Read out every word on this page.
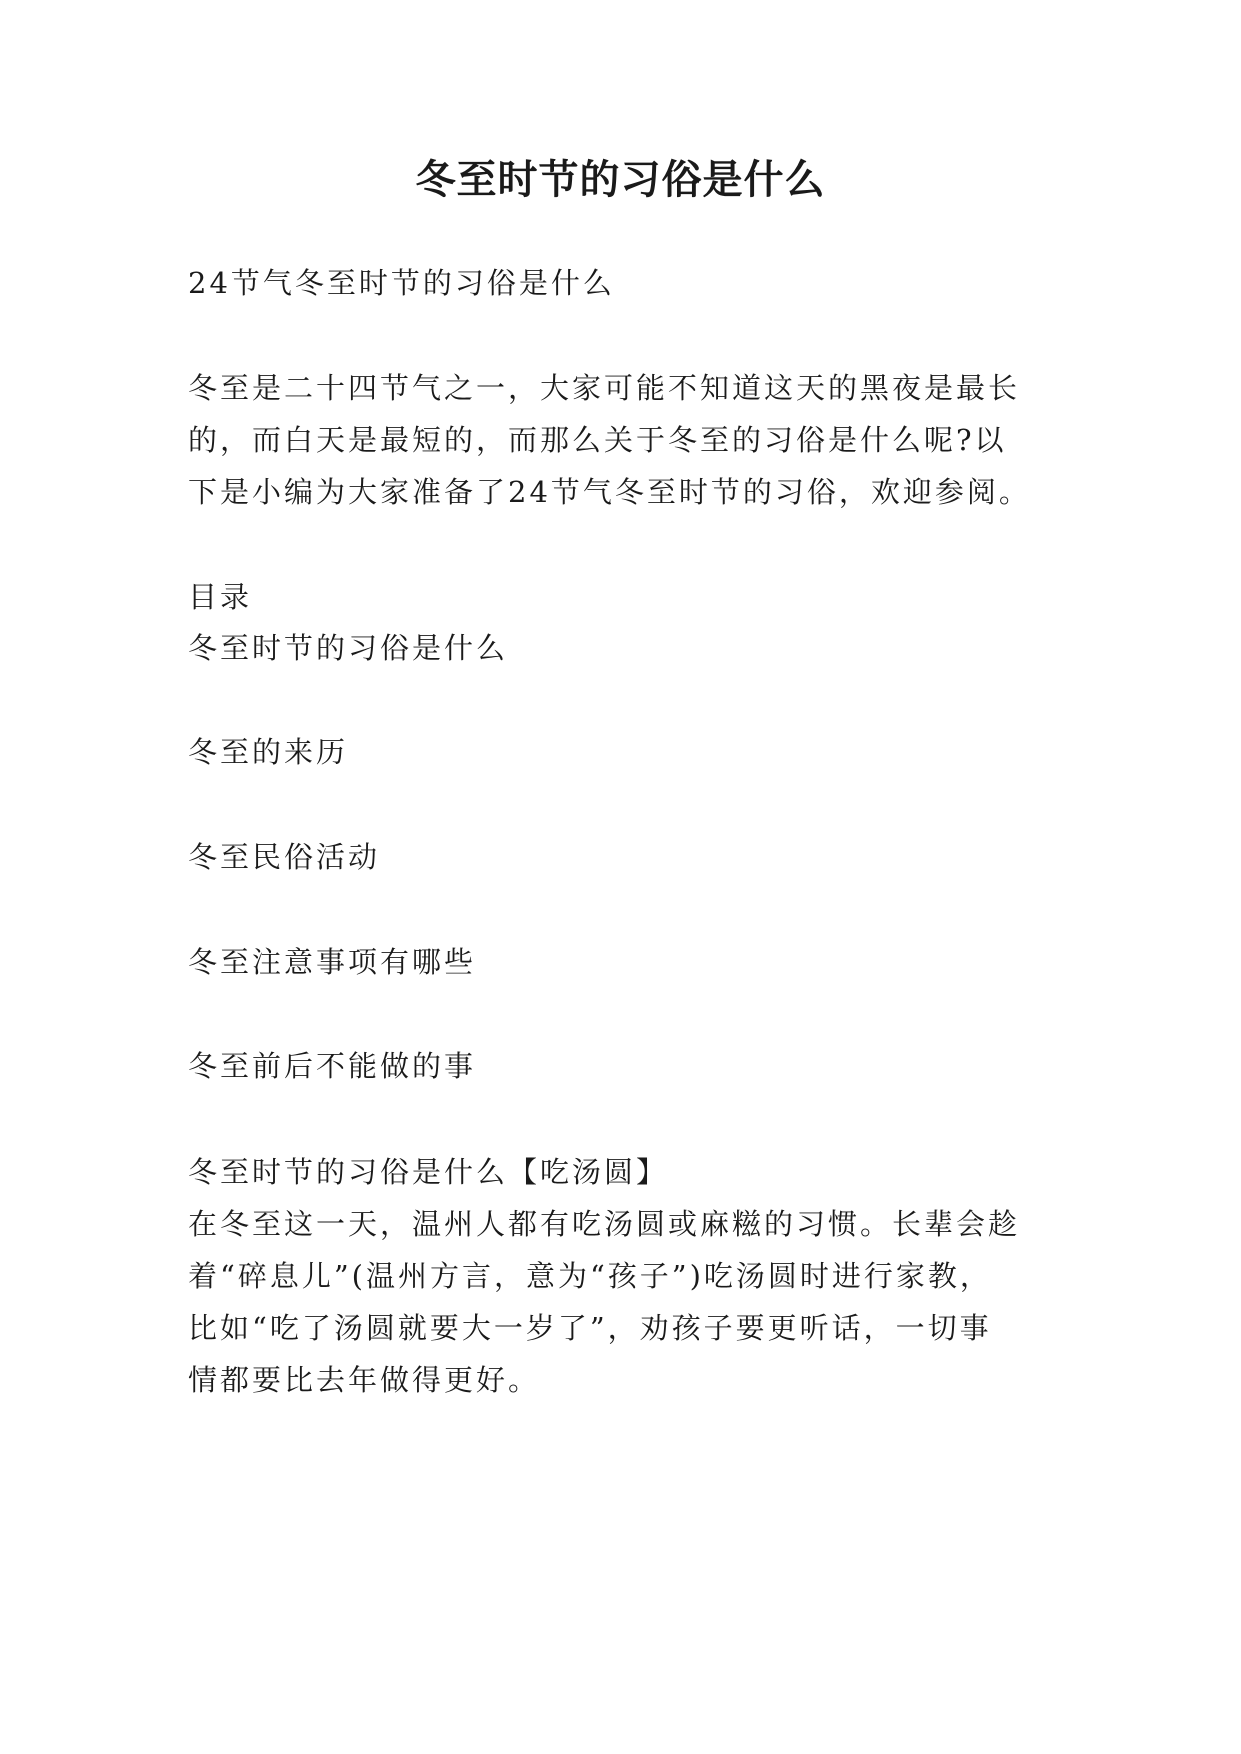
冬至时节的习俗是什么
24节气冬至时节的习俗是什么
冬至是二十四节气之一，大家可能不知道这天的黑夜是最长
的，而白天是最短的，而那么关于冬至的习俗是什么呢?以
下是小编为大家准备了24节气冬至时节的习俗，欢迎参阅。
目录
冬至时节的习俗是什么
冬至的来历
冬至民俗活动
冬至注意事项有哪些
冬至前后不能做的事
冬至时节的习俗是什么【吃汤圆】
在冬至这一天，温州人都有吃汤圆或麻糍的习惯。长辈会趁
着“碎息儿”(温州方言，意为“孩子”)吃汤圆时进行家教，
比如“吃了汤圆就要大一岁了”，劝孩子要更听话，一切事
情都要比去年做得更好。
